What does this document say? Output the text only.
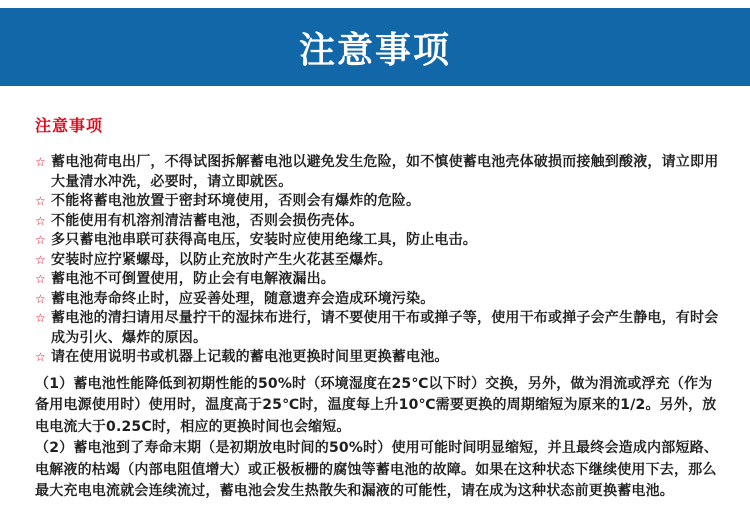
注意事项
注意事项
☆ 蓄电池荷电出厂，不得试图拆解蓄电池以避免发生危险，如不慎使蓄电池壳体破损而接触到酸液，请立即用大量清水冲洗，必要时，请立即就医。
☆ 不能将蓄电池放置于密封环境使用，否则会有爆炸的危险。
☆ 不能使用有机溶剂清洁蓄电池，否则会损伤壳体。
☆ 多只蓄电池串联可获得高电压，安装时应使用绝缘工具，防止电击。
☆ 安装时应拧紧螺母，以防止充放时产生火花甚至爆炸。
☆ 蓄电池不可倒置使用，防止会有电解液漏出。
☆ 蓄电池寿命终止时，应妥善处理，随意遗弃会造成环境污染。
☆ 蓄电池的清扫请用尽量拧干的湿抹布进行，请不要使用干布或掸子等，使用干布或掸子会产生静电，有时会成为引火、爆炸的原因。
☆ 请在使用说明书或机器上记载的蓄电池更换时间里更换蓄电池。

（1）蓄电池性能降低到初期性能的50%时（环境湿度在25℃以下时）交换，另外，做为涓流或浮充（作为备用电源使用时）使用时，温度高于25℃时，温度每上升10℃需要更换的周期缩短为原来的1/2。另外，放电电流大于0.25C时，相应的更换时间也会缩短。

（2）蓄电池到了寿命末期（是初期放电时间的50%时）使用可能时间明显缩短，并且最终会造成内部短路、电解液的枯竭（内部电阻值增大）或正极板栅的腐蚀等蓄电池的故障。如果在这种状态下继续使用下去，那么最大充电电流就会连续流过，蓄电池会发生热散失和漏液的可能性，请在成为这种状态前更换蓄电池。
